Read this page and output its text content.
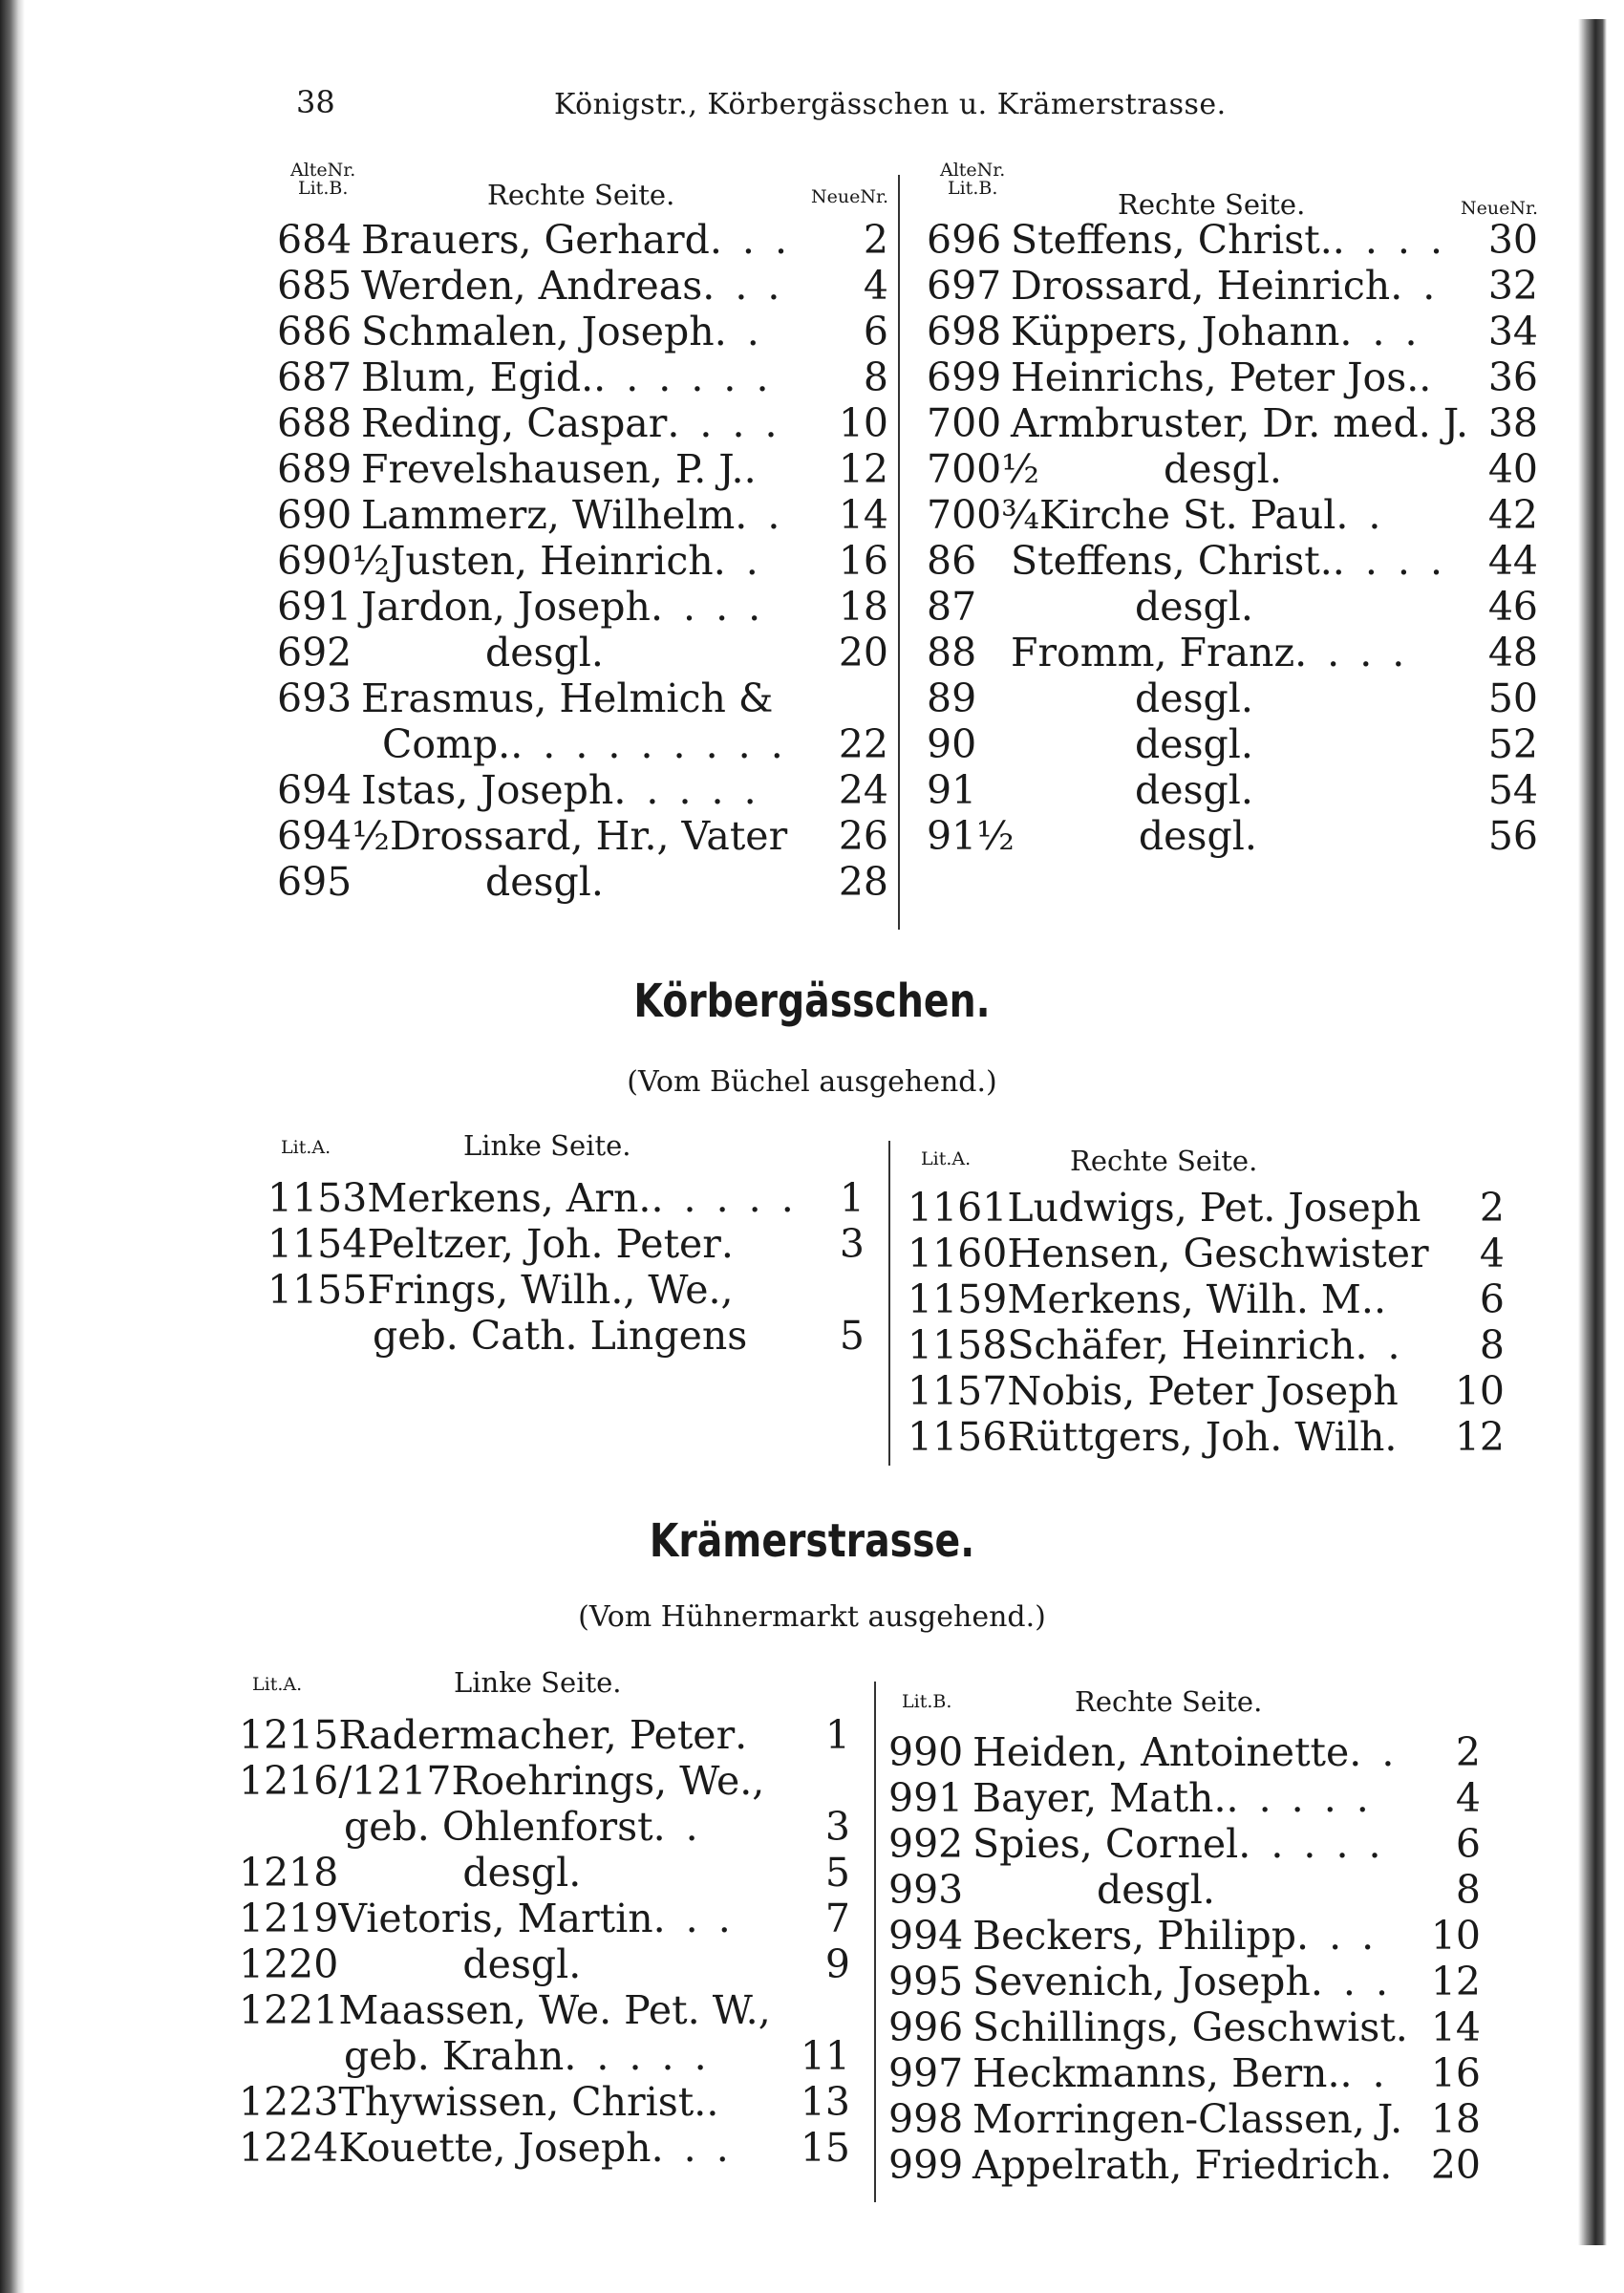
38	Königstr., Körbergässchen u. Krämerstrasse.
AlteNr.
Lit.B.	Rechte Seite.	NeueNr.
684 Brauers, Gerhard. . . 2
685 Werden, Andreas. . . 4
686 Schmalen, Joseph. .	6
687 Blum, Egid.. . . . . . 8
688 Reding, Caspar. . . . 10
689 Frevelshausen, P. J.. 12
690 Lammerz, Wilhelm. . 14
690½Justen, Heinrich. . 16
691 Jardon, Joseph. . . . 18
692	desgl.	20
693 Erasmus, Helmich &
Comp.. . . . . . . . . 22
694 Istas, Joseph. . . . . 24
694½Drossard, Hr., Vater 26
695	desgl.	28
AlteNr.
Lit.B.	Rechte Seite.	NeueNr.
696 Steffens, Christ.. . . . 30
697 Drossard, Heinrich. . 32
698 Küppers, Johann. . . 34
699 Heinrichs, Peter Jos.. 36
700 Armbruster, Dr. med. J. 38
700½	desgl.	40
700¾Kirche St. Paul. .	42
86 Steffens, Christ.. . . . 44
87	desgl.	46
88 Fromm, Franz. . . . 48
89	desgl.	50
90	desgl.	52
91	desgl.	54
91½	desgl.	56
Körbergässchen.
(Vom Büchel ausgehend.)
Lit.A.	Linke Seite.
1153Merkens, Arn.. . . . . 1
1154Peltzer, Joh. Peter.	3
1155Frings, Wilh., We.,
geb. Cath. Lingens 5
Lit.A.	Rechte Seite.
1161Ludwigs, Pet. Joseph 2
1160Hensen, Geschwister 4
1159Merkens, Wilh. M.. 6
1158Schäfer, Heinrich. . 8
1157Nobis, Peter Joseph 10
1156Rüttgers, Joh. Wilh. 12
Krämerstrasse.
(Vom Hühnermarkt ausgehend.)
Lit.A.	Linke Seite.
1215Radermacher, Peter. 1
1216/1217Roehrings, We.,
geb. Ohlenforst. .	3
1218	desgl.	5
1219Vietoris, Martin. . . 7
1220	desgl.	9
1221Maassen, We. Pet. W.,
geb. Krahn. . . . . 11
1223Thywissen, Christ.. 13
1224Kouette, Joseph. . . 15
Lit.B.	Rechte Seite.
990 Heiden, Antoinette. . 2
991 Bayer, Math.. . . . . 4
992 Spies, Cornel. . . . . 6
993	desgl.	8
994 Beckers, Philipp. . . 10
995 Sevenich, Joseph. . . 12
996 Schillings, Geschwist. 14
997 Heckmanns, Bern.. . 16
998 Morringen-Classen, J. 18
999 Appelrath, Friedrich. 20
